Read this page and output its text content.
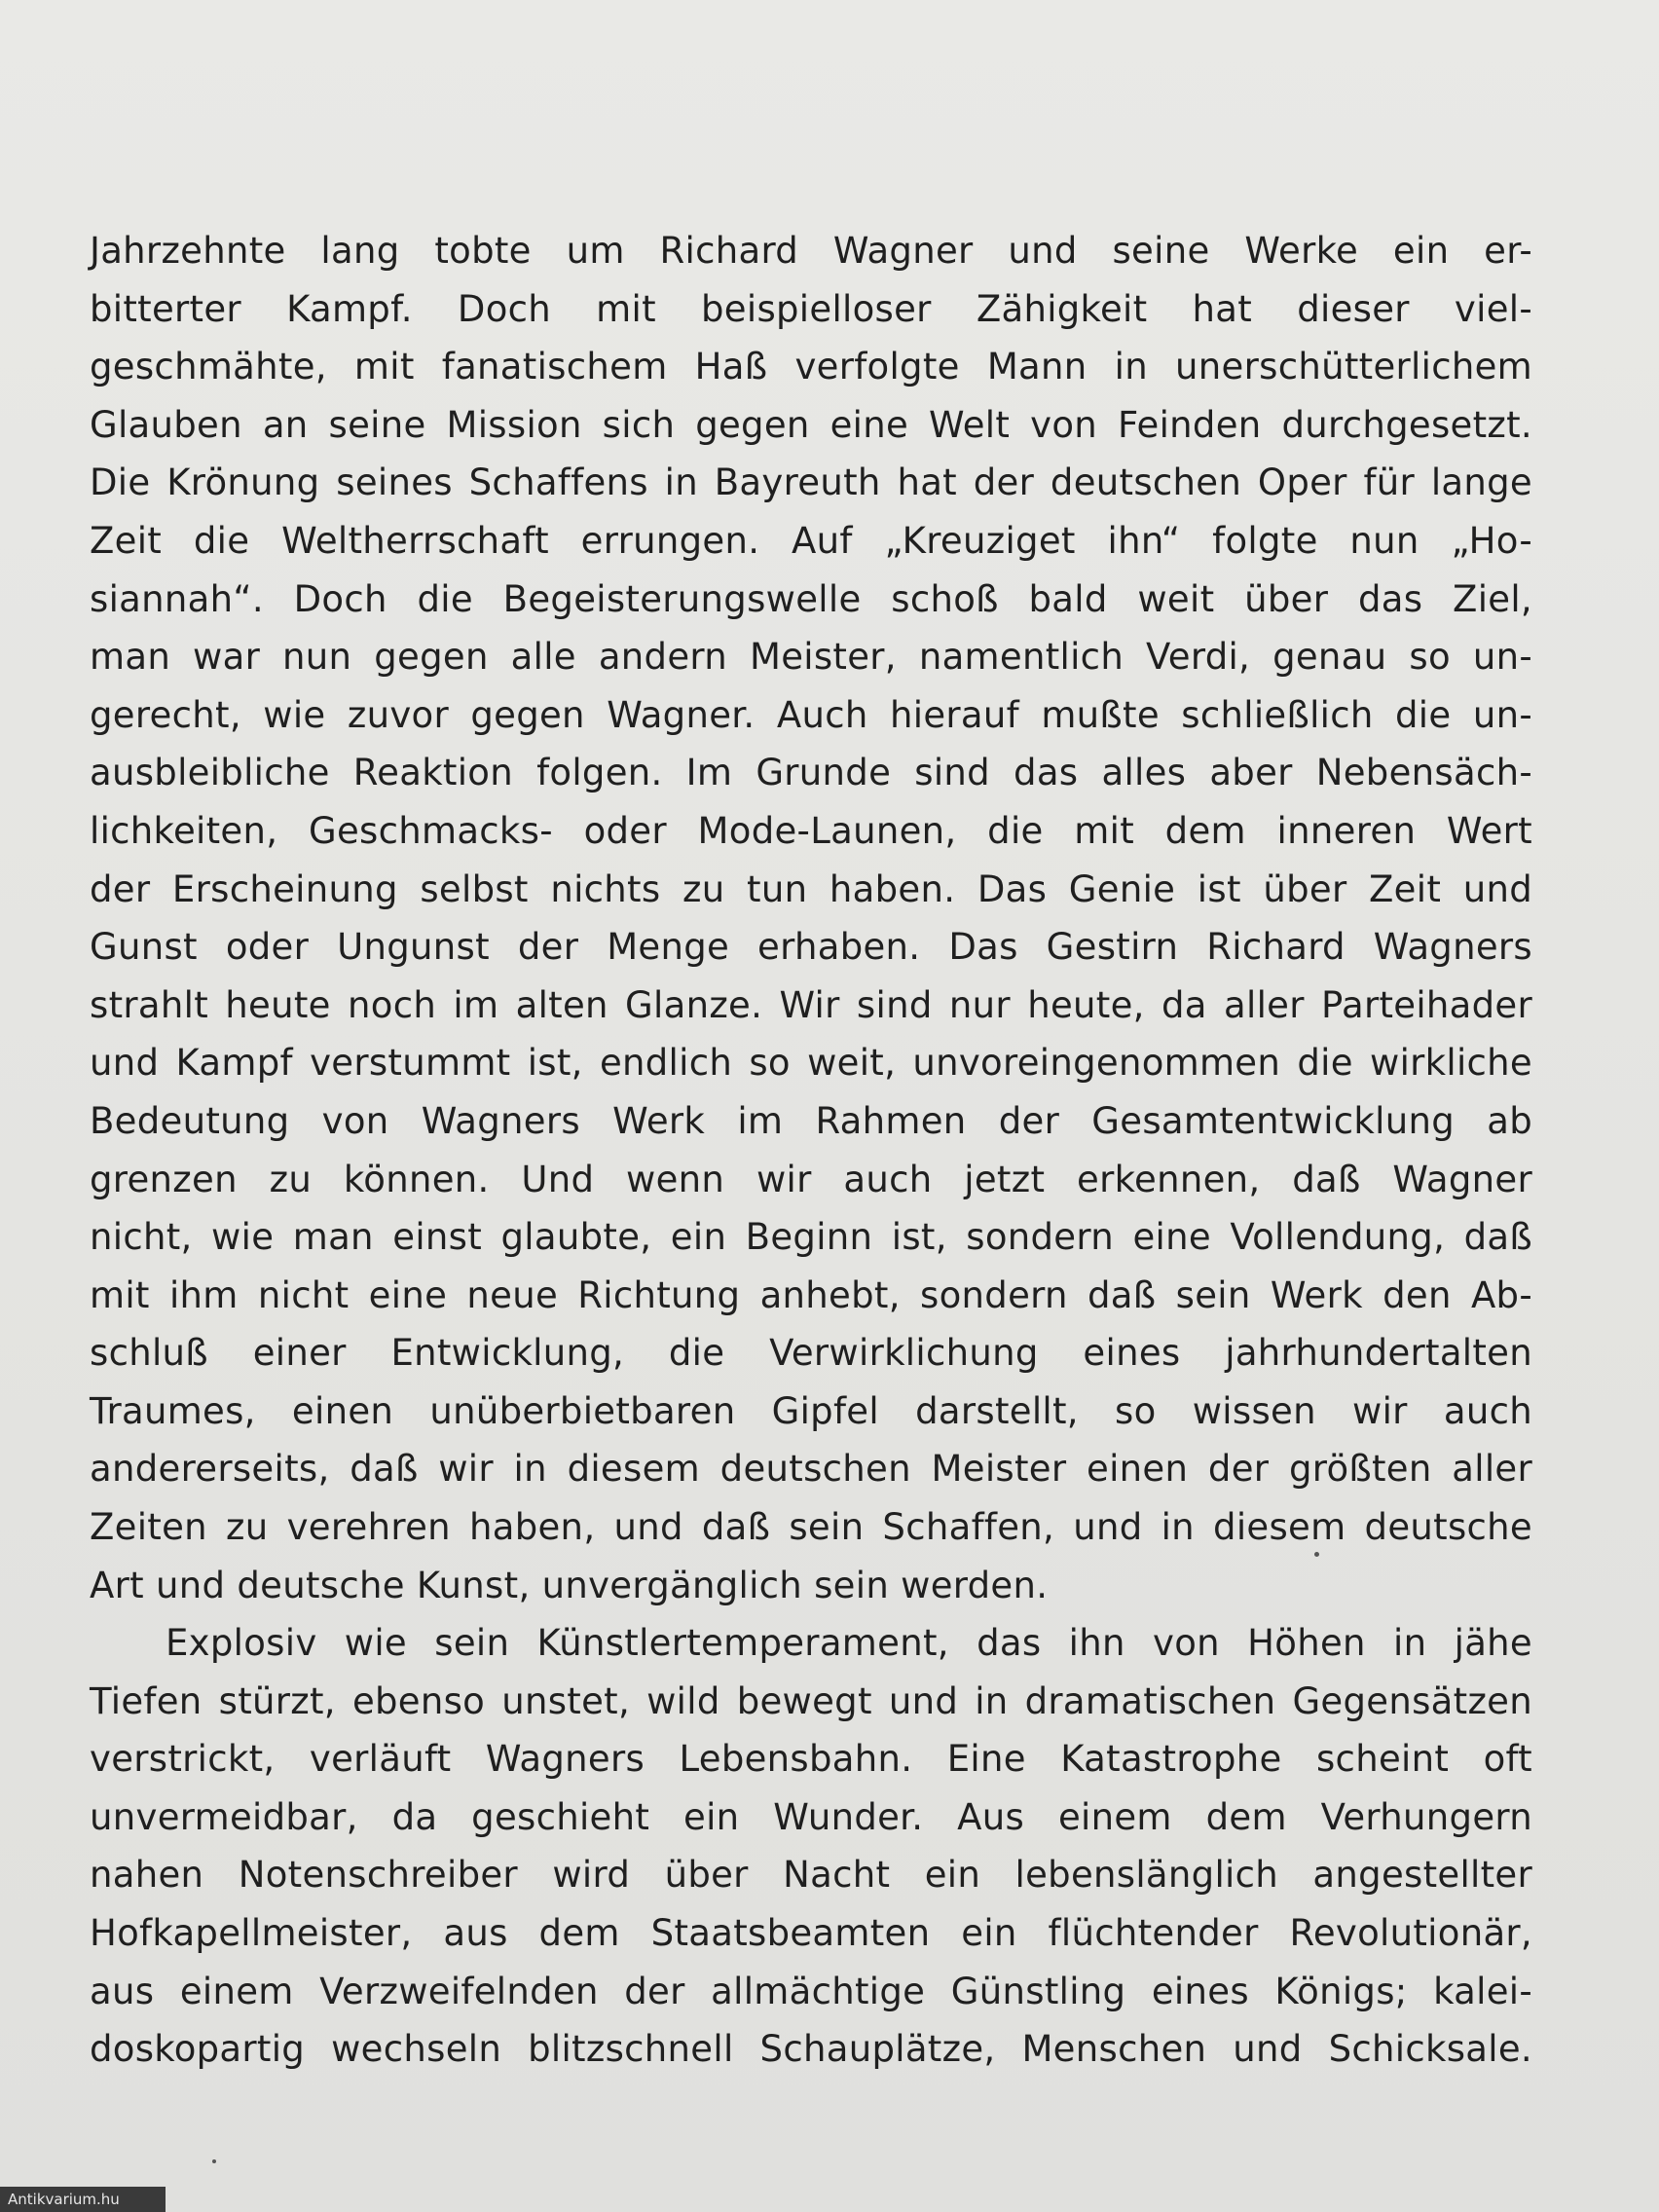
Jahrzehnte lang tobte um Richard Wagner und seine Werke ein er-
bitterter Kampf. Doch mit beispielloser Zähigkeit hat dieser viel-
geschmähte, mit fanatischem Haß verfolgte Mann in unerschütterlichem
Glauben an seine Mission sich gegen eine Welt von Feinden durchgesetzt.
Die Krönung seines Schaffens in Bayreuth hat der deutschen Oper für lange
Zeit die Weltherrschaft errungen. Auf „Kreuziget ihn“ folgte nun „Ho-
siannah“. Doch die Begeisterungswelle schoß bald weit über das Ziel,
man war nun gegen alle andern Meister, namentlich Verdi, genau so un-
gerecht, wie zuvor gegen Wagner. Auch hierauf mußte schließlich die un-
ausbleibliche Reaktion folgen. Im Grunde sind das alles aber Nebensäch-
lichkeiten, Geschmacks- oder Mode-Launen, die mit dem inneren Wert
der Erscheinung selbst nichts zu tun haben. Das Genie ist über Zeit und
Gunst oder Ungunst der Menge erhaben. Das Gestirn Richard Wagners
strahlt heute noch im alten Glanze. Wir sind nur heute, da aller Parteihader
und Kampf verstummt ist, endlich so weit, unvoreingenommen die wirkliche
Bedeutung von Wagners Werk im Rahmen der Gesamtentwicklung ab
grenzen zu können. Und wenn wir auch jetzt erkennen, daß Wagner
nicht, wie man einst glaubte, ein Beginn ist, sondern eine Vollendung, daß
mit ihm nicht eine neue Richtung anhebt, sondern daß sein Werk den Ab-
schluß einer Entwicklung, die Verwirklichung eines jahrhundertalten
Traumes, einen unüberbietbaren Gipfel darstellt, so wissen wir auch
andererseits, daß wir in diesem deutschen Meister einen der größten aller
Zeiten zu verehren haben, und daß sein Schaffen, und in diesem deutsche
Art und deutsche Kunst, unvergänglich sein werden.
Explosiv wie sein Künstlertemperament, das ihn von Höhen in jähe
Tiefen stürzt, ebenso unstet, wild bewegt und in dramatischen Gegensätzen
verstrickt, verläuft Wagners Lebensbahn. Eine Katastrophe scheint oft
unvermeidbar, da geschieht ein Wunder. Aus einem dem Verhungern
nahen Notenschreiber wird über Nacht ein lebenslänglich angestellter
Hofkapellmeister, aus dem Staatsbeamten ein flüchtender Revolutionär,
aus einem Verzweifelnden der allmächtige Günstling eines Königs; kalei-
doskopartig wechseln blitzschnell Schauplätze, Menschen und Schicksale.
Antikvarium.hu
